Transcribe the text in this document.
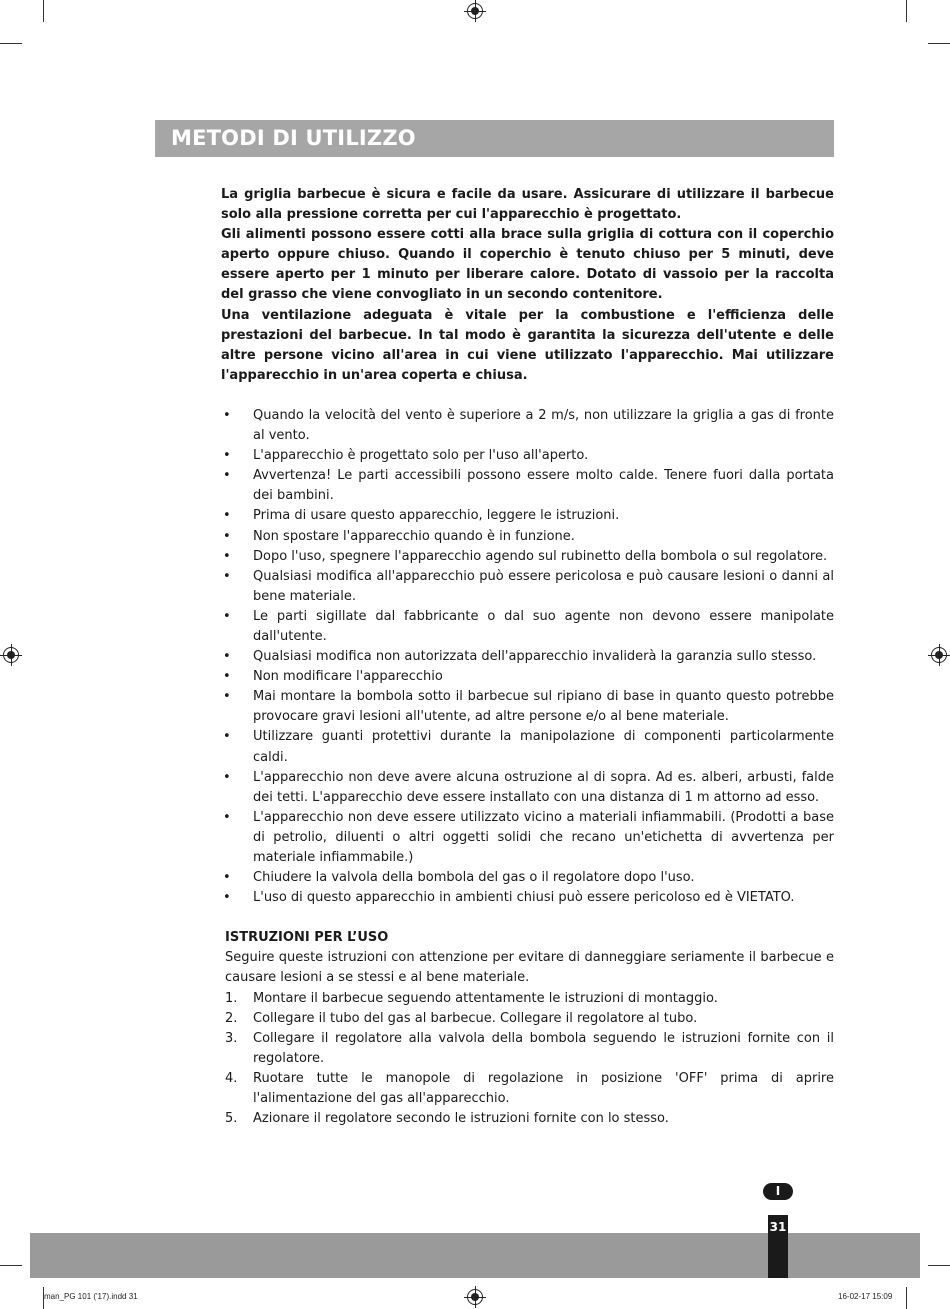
METODI DI UTILIZZO

La griglia barbecue è sicura e facile da usare. Assicurare di utilizzare il barbecue solo alla pressione corretta per cui l'apparecchio è progettato.

Gli alimenti possono essere cotti alla brace sulla griglia di cottura con il coperchio aperto oppure chiuso. Quando il coperchio è tenuto chiuso per 5 minuti, deve essere aperto per 1 minuto per liberare calore. Dotato di vassoio per la raccolta del grasso che viene convogliato in un secondo contenitore.

Una ventilazione adeguata è vitale per la combustione e l'efficienza delle prestazioni del barbecue. In tal modo è garantita la sicurezza dell'utente e delle altre persone vicino all'area in cui viene utilizzato l'apparecchio. Mai utilizzare l'apparecchio in un'area coperta e chiusa.

• Quando la velocità del vento è superiore a 2 m/s, non utilizzare la griglia a gas di fronte al vento.
• L'apparecchio è progettato solo per l'uso all'aperto.
• Avvertenza! Le parti accessibili possono essere molto calde. Tenere fuori dalla portata dei bambini.
• Prima di usare questo apparecchio, leggere le istruzioni.
• Non spostare l'apparecchio quando è in funzione.
• Dopo l'uso, spegnere l'apparecchio agendo sul rubinetto della bombola o sul regolatore.
• Qualsiasi modifica all'apparecchio può essere pericolosa e può causare lesioni o danni al bene materiale.
• Le parti sigillate dal fabbricante o dal suo agente non devono essere manipolate dall'utente.
• Qualsiasi modifica non autorizzata dell'apparecchio invaliderà la garanzia sullo stesso.
• Non modificare l'apparecchio
• Mai montare la bombola sotto il barbecue sul ripiano di base in quanto questo potrebbe provocare gravi lesioni all'utente, ad altre persone e/o al bene materiale.
• Utilizzare guanti protettivi durante la manipolazione di componenti particolarmente caldi.
• L'apparecchio non deve avere alcuna ostruzione al di sopra. Ad es. alberi, arbusti, falde dei tetti. L'apparecchio deve essere installato con una distanza di 1 m attorno ad esso.
• L'apparecchio non deve essere utilizzato vicino a materiali infiammabili. (Prodotti a base di petrolio, diluenti o altri oggetti solidi che recano un'etichetta di avvertenza per materiale infiammabile.)
• Chiudere la valvola della bombola del gas o il regolatore dopo l'uso.
• L'uso di questo apparecchio in ambienti chiusi può essere pericoloso ed è VIETATO.
ISTRUZIONI PER L’USO

Seguire queste istruzioni con attenzione per evitare di danneggiare seriamente il barbecue e causare lesioni a se stessi e al bene materiale.

1. Montare il barbecue seguendo attentamente le istruzioni di montaggio.
2. Collegare il tubo del gas al barbecue. Collegare il regolatore al tubo.
3. Collegare il regolatore alla valvola della bombola seguendo le istruzioni fornite con il regolatore.
4. Ruotare tutte le manopole di regolazione in posizione 'OFF' prima di aprire l'alimentazione del gas all'apparecchio.
5. Azionare il regolatore secondo le istruzioni fornite con lo stesso.
I
31
man_PG 101 ('17).indd 31	16-02-17 15:09
